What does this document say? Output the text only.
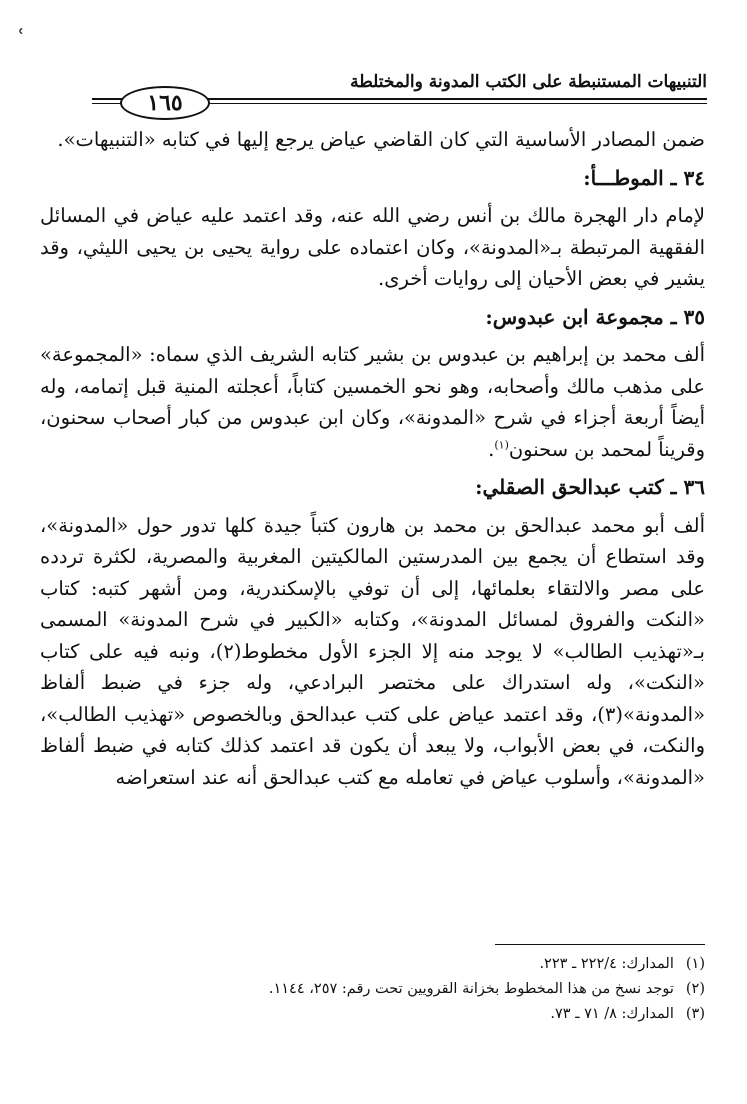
ʿ
التنبيهات المستنبطة على الكتب المدونة والمختلطة
١٦٥

ضمن المصادر الأساسية التي كان القاضي عياض يرجع إليها في كتابه «التنبيهات».

٣٤ ـ الموطـــأ:

لإمام دار الهجرة مالك بن أنس رضي الله عنه، وقد اعتمد عليه عياض في المسائل الفقهية المرتبطة بـ«المدونة»، وكان اعتماده على رواية يحيى بن يحيى الليثي، وقد يشير في بعض الأحيان إلى روايات أخرى.

٣٥ ـ مجموعة ابن عبدوس:

ألف محمد بن إبراهيم بن عبدوس بن بشير كتابه الشريف الذي سماه: «المجموعة» على مذهب مالك وأصحابه، وهو نحو الخمسين كتاباً، أعجلته المنية قبل إتمامه، وله أيضاً أربعة أجزاء في شرح «المدونة»، وكان ابن عبدوس من كبار أصحاب سحنون، وقريناً لمحمد بن سحنون$^{(١)}$.

٣٦ ـ كتب عبدالحق الصقلي:

ألف أبو محمد عبدالحق بن محمد بن هارون كتباً جيدة كلها تدور حول «المدونة»، وقد استطاع أن يجمع بين المدرستين المالكيتين المغربية والمصرية، لكثرة تردده على مصر والالتقاء بعلمائها، إلى أن توفي بالإسكندرية، ومن أشهر كتبه: كتاب «النكت والفروق لمسائل المدونة»، وكتابه «الكبير في شرح المدونة» المسمى بـ«تهذيب الطالب» لا يوجد منه إلا الجزء الأول مخطوط(٢)، ونبه فيه على كتاب «النكت»، وله استدراك على مختصر البرادعي، وله جزء في ضبط ألفاظ «المدونة»(٣)، وقد اعتمد عياض على كتب عبدالحق وبالخصوص «تهذيب الطالب»، والنكت، في بعض الأبواب، ولا يبعد أن يكون قد اعتمد كذلك كتابه في ضبط ألفاظ «المدونة»، وأسلوب عياض في تعامله مع كتب عبدالحق أنه عند استعراضه

(١)المدارك: ٢٢٢/٤ ـ ٢٢٣.

(٢)توجد نسخ من هذا المخطوط بخزانة القرويين تحت رقم: ٢٥٧، ١١٤٤.

(٣)المدارك: ٨/ ٧١ ـ ٧٣.
